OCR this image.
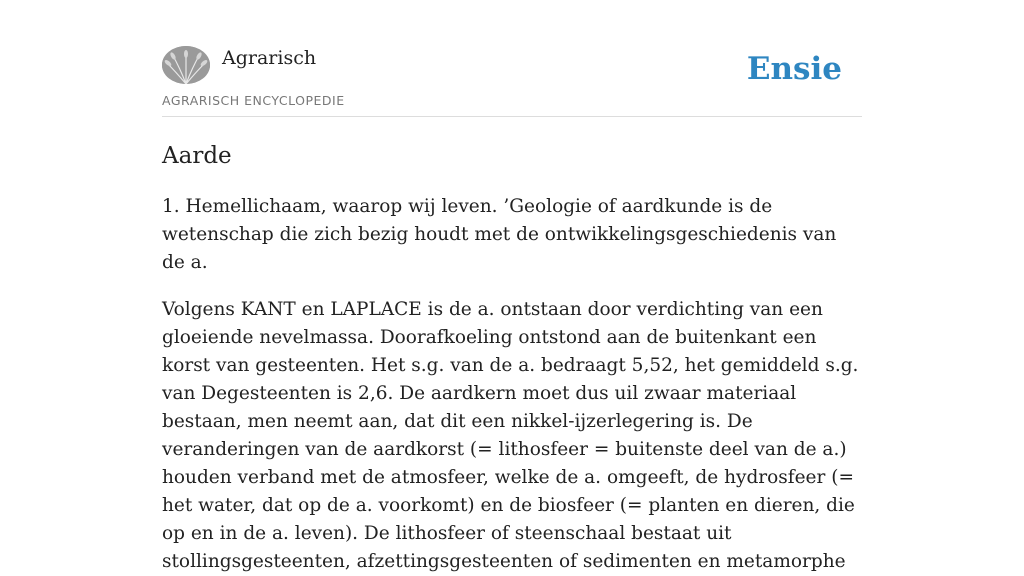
Agrarisch
AGRARISCH ENCYCLOPEDIE
Ensie
Aarde

1. Hemellichaam, waarop wij leven. ’Geologie of aardkunde is de wetenschap die zich bezig houdt met de ontwikkelingsgeschiedenis van de a.

Volgens KANT en LAPLACE is de a. ontstaan door verdichting van een gloeiende nevelmassa. Doorafkoeling ontstond aan de buitenkant een korst van gesteenten. Het s.g. van de a. bedraagt 5,52, het gemiddeld s.g. van Degesteenten is 2,6. De aardkern moet dus uil zwaar materiaal bestaan, men neemt aan, dat dit een nikkel-ijzerlegering is. De veranderingen van de aardkorst (= lithosfeer = buitenste deel van de a.) houden verband met de atmosfeer, welke de a. omgeeft, de hydrosfeer (= het water, dat op de a. voorkomt) en de biosfeer (= planten en dieren, die op en in de a. leven). De lithosfeer of steenschaal bestaat uit stollingsgesteenten, afzettingsgesteenten of sedimenten en metamorphe
